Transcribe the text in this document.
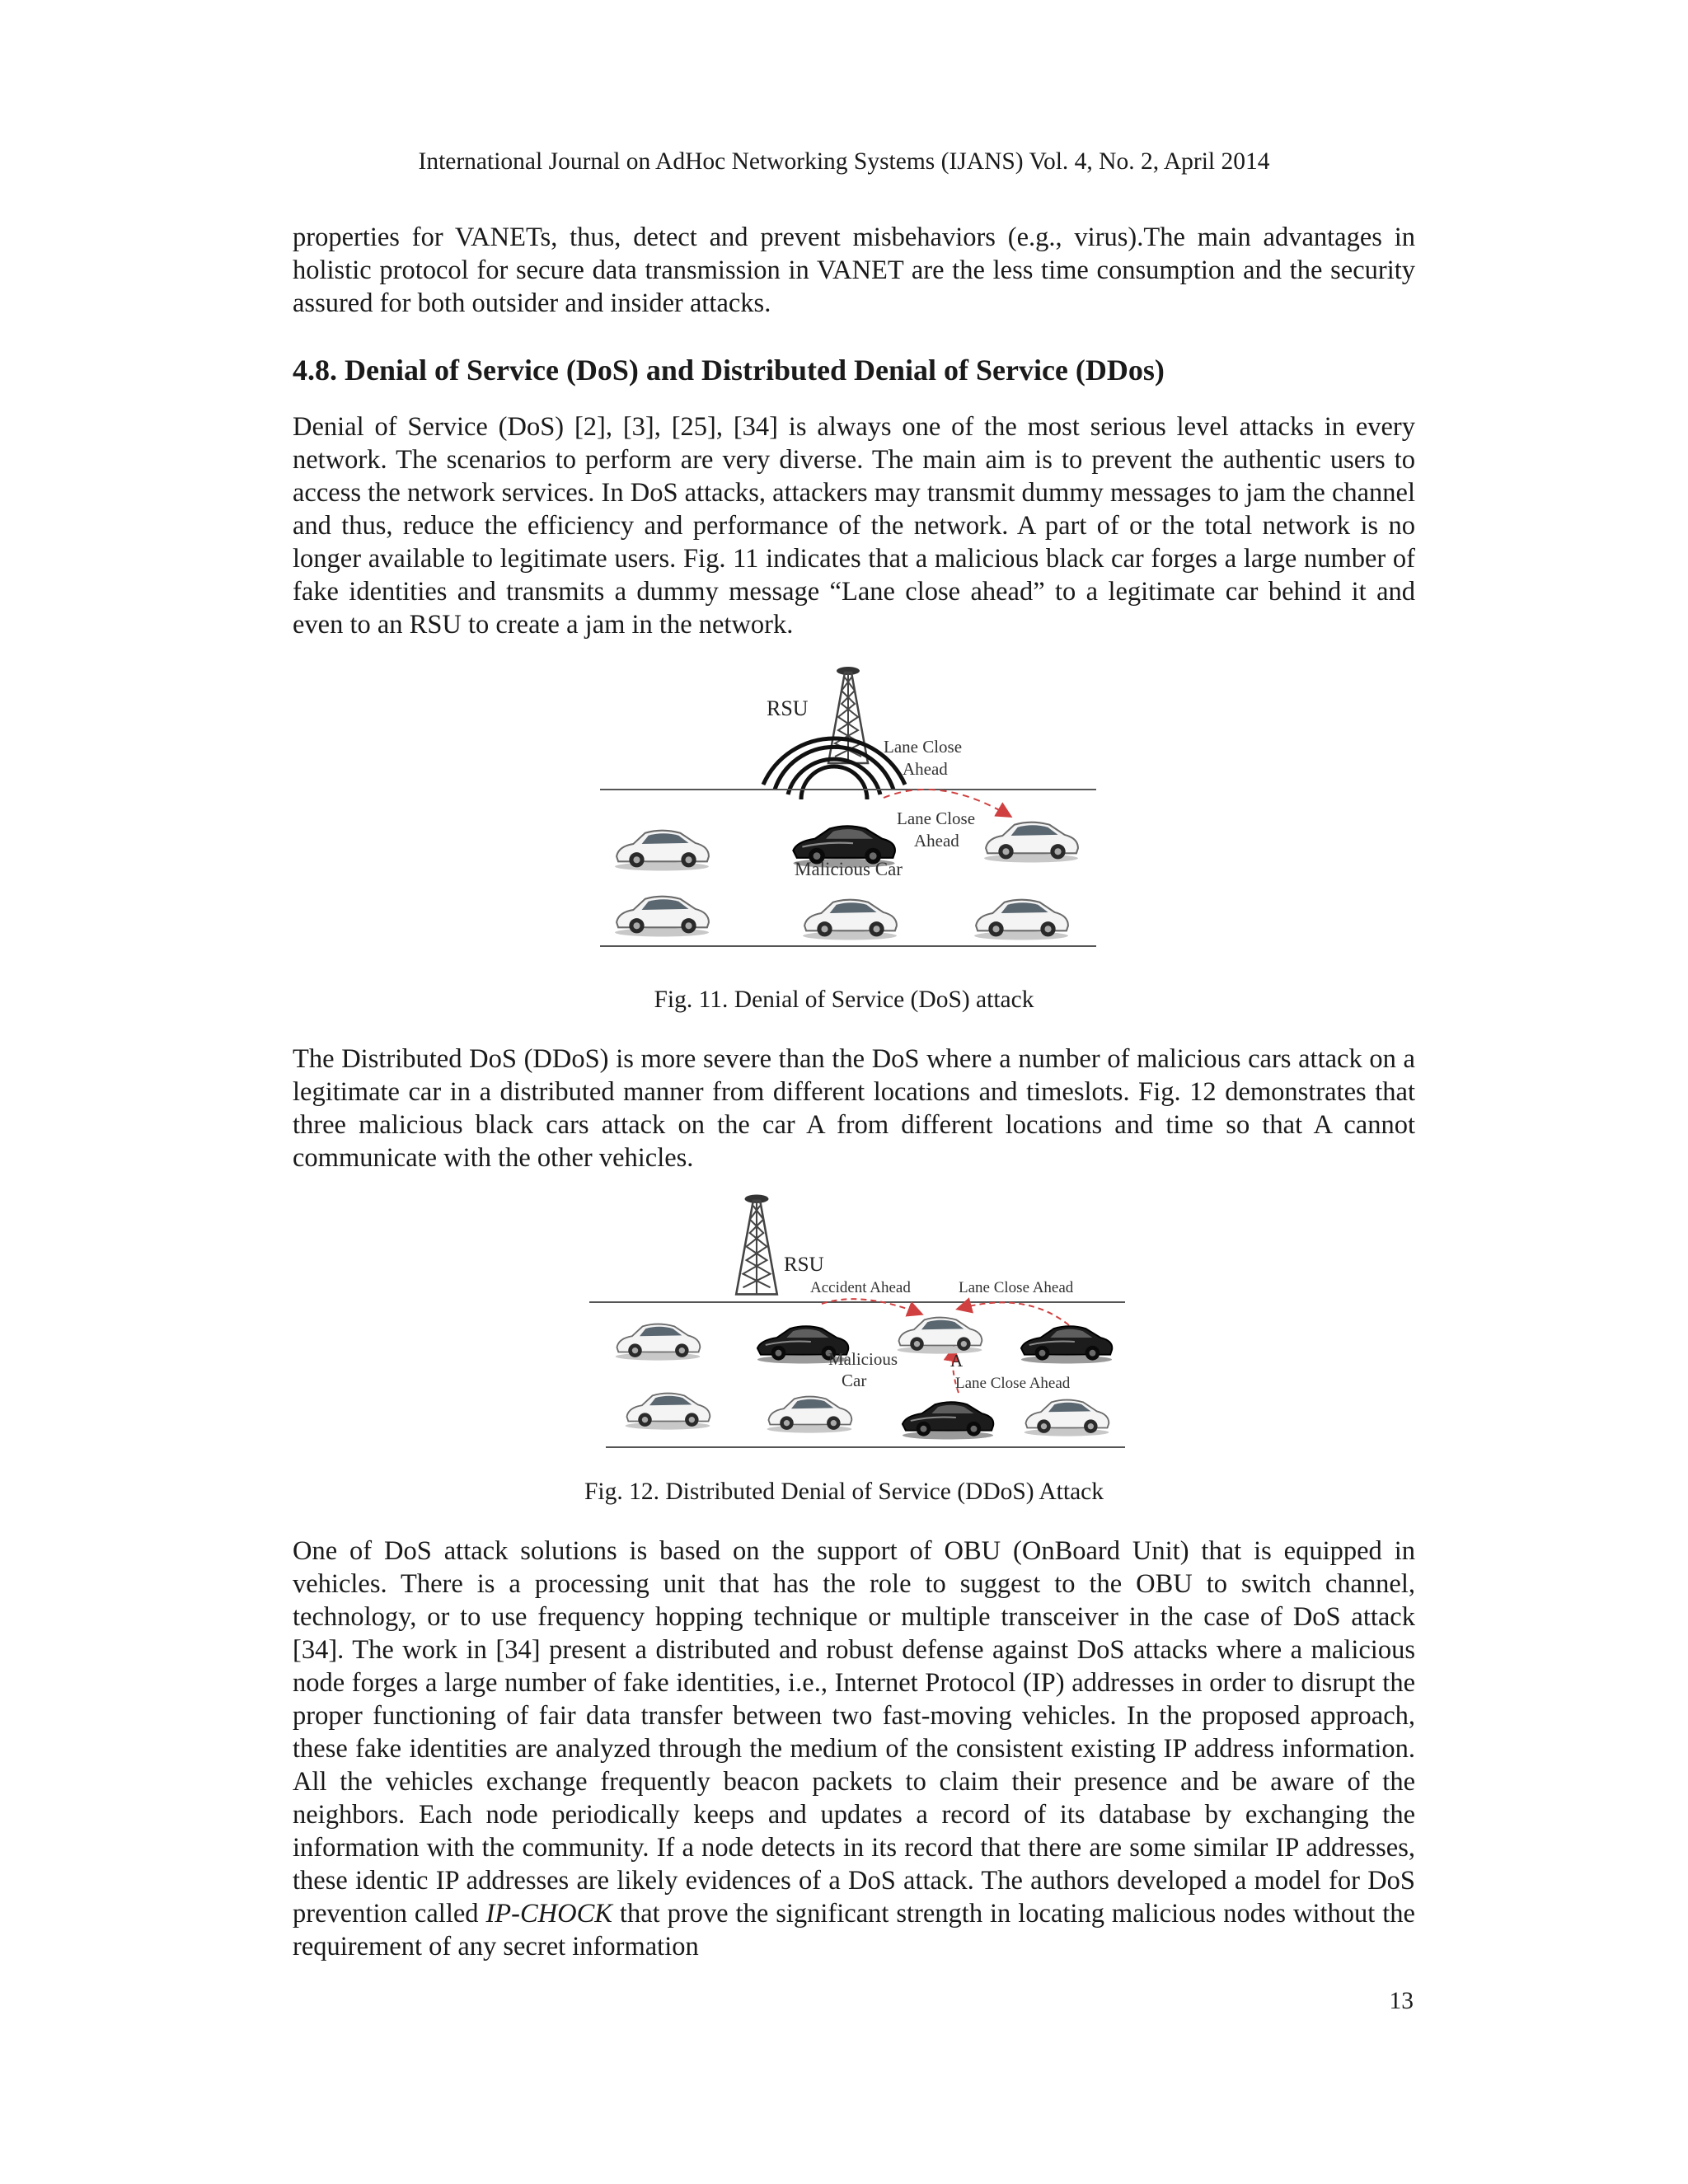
International Journal on AdHoc Networking Systems (IJANS) Vol. 4, No. 2, April 2014

properties for VANETs, thus, detect and prevent misbehaviors (e.g., virus).The main advantages in holistic protocol for secure data transmission in VANET are the less time consumption and the security assured for both outsider and insider attacks.

4.8. Denial of Service (DoS) and Distributed Denial of Service (DDos)

Denial of Service (DoS) [2], [3], [25], [34] is always one of the most serious level attacks in every network. The scenarios to perform are very diverse. The main aim is to prevent the authentic users to access the network services. In DoS attacks, attackers may transmit dummy messages to jam the channel and thus, reduce the efficiency and performance of the network. A part of or the total network is no longer available to legitimate users. Fig. 11 indicates that a malicious black car forges a large number of fake identities and transmits a dummy message “Lane close ahead” to a legitimate car behind it and even to an RSU to create a jam in the network.

RSU
Lane Close
Ahead
Lane Close
Ahead
Malicious Car
Fig. 11. Denial of Service (DoS) attack

The Distributed DoS (DDoS) is more severe than the DoS where a number of malicious cars attack on a legitimate car in a distributed manner from different locations and timeslots. Fig. 12 demonstrates that three malicious black cars attack on the car A from different locations and time so that A cannot communicate with the other vehicles.

RSU
Accident Ahead	Lane Close Ahead
Malicious
Car
A
Lane Close Ahead
Fig. 12. Distributed Denial of Service (DDoS) Attack

One of DoS attack solutions is based on the support of OBU (OnBoard Unit) that is equipped in vehicles. There is a processing unit that has the role to suggest to the OBU to switch channel, technology, or to use frequency hopping technique or multiple transceiver in the case of DoS attack [34]. The work in [34] present a distributed and robust defense against DoS attacks where a malicious node forges a large number of fake identities, i.e., Internet Protocol (IP) addresses in order to disrupt the proper functioning of fair data transfer between two fast-moving vehicles. In the proposed approach, these fake identities are analyzed through the medium of the consistent existing IP address information. All the vehicles exchange frequently beacon packets to claim their presence and be aware of the neighbors. Each node periodically keeps and updates a record of its database by exchanging the information with the community. If a node detects in its record that there are some similar IP addresses, these identic IP addresses are likely evidences of a DoS attack. The authors developed a model for DoS prevention called IP-CHOCK that prove the significant strength in locating malicious nodes without the requirement of any secret information

13
